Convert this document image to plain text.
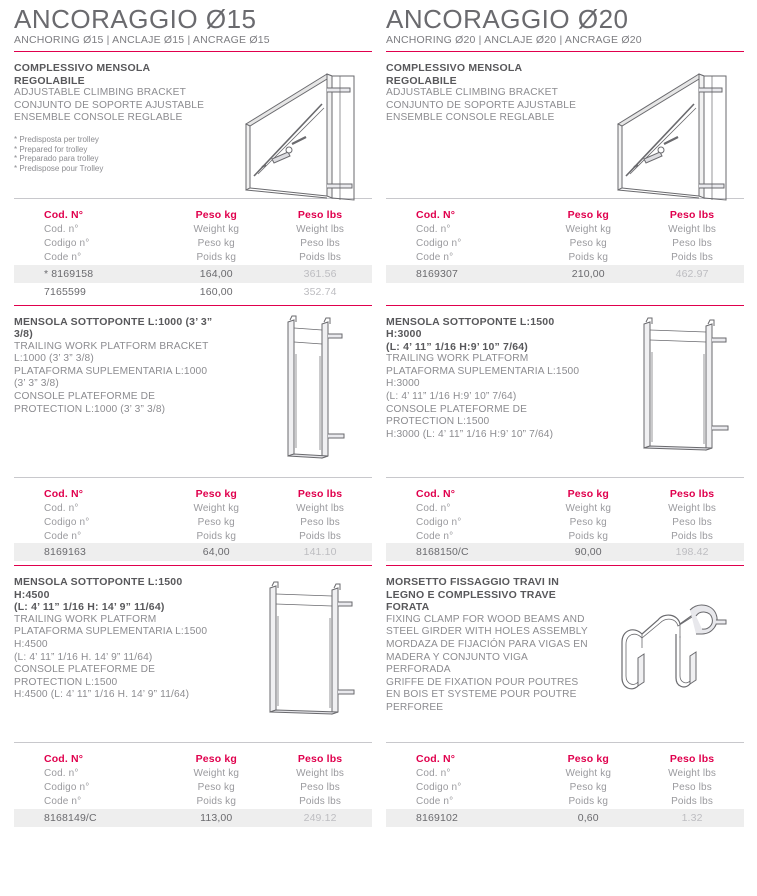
ANCORAGGIO Ø15
ANCHORING Ø15 | ANCLAJE Ø15 | ANCRAGE Ø15
COMPLESSIVO MENSOLA
REGOLABILE
ADJUSTABLE CLIMBING BRACKET
CONJUNTO DE SOPORTE AJUSTABLE
ENSEMBLE CONSOLE REGLABLE
* Predisposta per trolley
* Prepared for trolley
* Preparado para trolley
* Predispose pour Trolley
Cod. N°	Peso kg	Peso lbs
Cod. n°	Weight kg	Weight lbs
Codigo n°	Peso kg	Peso lbs
Code n°	Poids kg	Poids lbs
* 8169158	164,00	361.56
7165599	160,00	352.74
MENSOLA SOTTOPONTE L:1000 (3’ 3” 3/8)
TRAILING WORK PLATFORM BRACKET L:1000 (3’ 3” 3/8)
PLATAFORMA SUPLEMENTARIA L:1000 (3’ 3” 3/8)
CONSOLE PLATEFORME DE PROTECTION L:1000 (3’ 3” 3/8)
Cod. N°	Peso kg	Peso lbs
Cod. n°	Weight kg	Weight lbs
Codigo n°	Peso kg	Peso lbs
Code n°	Poids kg	Poids lbs
8169163	64,00	141.10
MENSOLA SOTTOPONTE L:1500 H:4500
(L: 4’ 11” 1/16 H: 14’ 9” 11/64)
TRAILING WORK PLATFORM
PLATAFORMA SUPLEMENTARIA L:1500 H:4500
(L: 4’ 11” 1/16 H. 14’ 9” 11/64)
CONSOLE PLATEFORME DE PROTECTION L:1500
H:4500 (L: 4’ 11” 1/16 H. 14’ 9” 11/64)
Cod. N°	Peso kg	Peso lbs
Cod. n°	Weight kg	Weight lbs
Codigo n°	Peso kg	Peso lbs
Code n°	Poids kg	Poids lbs
8168149/C	113,00	249.12
ANCORAGGIO Ø20
ANCHORING Ø20 | ANCLAJE Ø20 | ANCRAGE Ø20
COMPLESSIVO MENSOLA
REGOLABILE
ADJUSTABLE CLIMBING BRACKET
CONJUNTO DE SOPORTE AJUSTABLE
ENSEMBLE CONSOLE REGLABLE
Cod. N°	Peso kg	Peso lbs
Cod. n°	Weight kg	Weight lbs
Codigo n°	Peso kg	Peso lbs
Code n°	Poids kg	Poids lbs
8169307	210,00	462.97

MENSOLA SOTTOPONTE L:1500 H:3000
(L: 4’ 11” 1/16 H:9’ 10” 7/64)
TRAILING WORK PLATFORM
PLATAFORMA SUPLEMENTARIA L:1500 H:3000
(L: 4’ 11” 1/16 H:9’ 10” 7/64)
CONSOLE PLATEFORME DE PROTECTION L:1500
H:3000 (L: 4’ 11” 1/16 H:9’ 10” 7/64)
Cod. N°	Peso kg	Peso lbs
Cod. n°	Weight kg	Weight lbs
Codigo n°	Peso kg	Peso lbs
Code n°	Poids kg	Poids lbs
8168150/C	90,00	198.42
MORSETTO FISSAGGIO TRAVI IN
LEGNO E COMPLESSIVO TRAVE
FORATA
FIXING CLAMP FOR WOOD BEAMS AND
STEEL GIRDER WITH HOLES ASSEMBLY
MORDAZA DE FIJACIÓN PARA VIGAS EN
MADERA Y CONJUNTO VIGA PERFORADA
GRIFFE DE FIXATION POUR POUTRES
EN BOIS ET SYSTEME POUR POUTRE
PERFOREE
Cod. N°	Peso kg	Peso lbs
Cod. n°	Weight kg	Weight lbs
Codigo n°	Peso kg	Peso lbs
Code n°	Poids kg	Poids lbs
8169102	0,60	1.32
